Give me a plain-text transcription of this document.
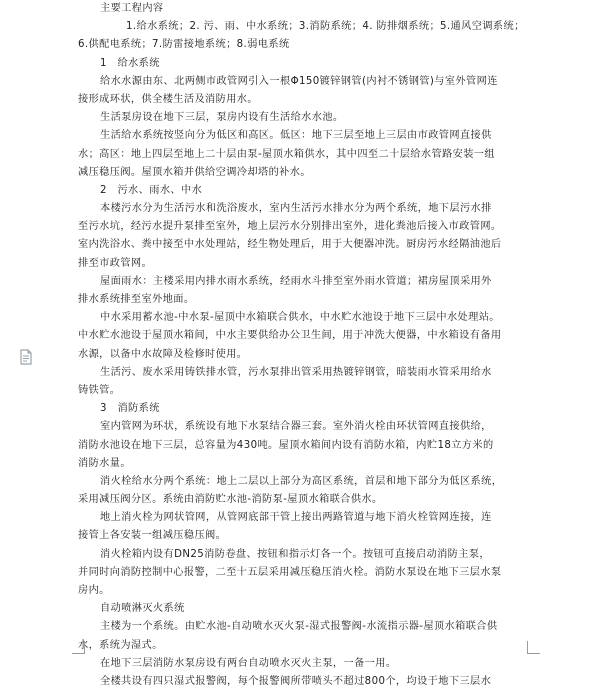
主要工程内容
1.给水系统；2. 污、雨、中水系统；3.消防系统；4. 防排烟系统；5.通风空调系统；
6.供配电系统；7.防雷接地系统；8.弱电系统
1　给水系统
给水水源由东、北两侧市政管网引入一根Φ150镀锌钢管(内衬不锈钢管)与室外管网连
接形成环状，供全楼生活及消防用水。
生活泵房设在地下三层，泵房内设有生活给水水池。
生活给水系统按竖向分为低区和高区。低区：地下三层至地上三层由市政管网直接供
水；高区：地上四层至地上二十层由泵-屋顶水箱供水，其中四至二十层给水管路安装一组
减压稳压阀。屋顶水箱并供给空调冷却塔的补水。
2　污水、雨水、中水
本楼污水分为生活污水和洗浴废水，室内生活污水排水分为两个系统，地下层污水排
至污水坑，经污水提升泵排至室外，地上层污水分别排出室外，进化粪池后接入市政管网。
室内洗浴水、粪中接至中水处理站，经生物处理后，用于大便器冲洗。厨房污水经隔油池后
排至市政管网。
屋面雨水：主楼采用内排水雨水系统，经雨水斗排至室外雨水管道；裙房屋顶采用外
排水系统排至室外地面。
中水采用蓄水池-中水泵-屋顶中水箱联合供水，中水贮水池设于地下三层中水处理站。
中水贮水池设于屋顶水箱间，中水主要供给办公卫生间，用于冲洗大便器，中水箱设有备用
水源，以备中水故障及检修时使用。
生活污、废水采用铸铁排水管，污水泵排出管采用热镀锌钢管，暗装雨水管采用给水
铸铁管。
3　消防系统
室内管网为环状，系统设有地下水泵结合器三套。室外消火栓由环状管网直接供给，
消防水池设在地下三层，总容量为430吨。屋顶水箱间内设有消防水箱，内贮18立方米的
消防水量。
消火栓给水分两个系统：地上二层以上部分为高区系统，首层和地下部分为低区系统，
采用减压阀分区。系统由消防贮水池-消防泵-屋顶水箱联合供水。
地上消火栓为网状管网，从管网底部干管上接出两路管道与地下消火栓管网连接，连
接管上各安装一组减压稳压阀。
消火栓箱内设有DN25消防卷盘、按钮和指示灯各一个。按钮可直接启动消防主泵，
并同时向消防控制中心报警，二至十五层采用减压稳压消火栓。消防水泵设在地下三层水泵
房内。
自动喷淋灭火系统
主楼为一个系统。由贮水池-自动喷水灭火泵-湿式报警阀-水流指示器-屋顶水箱联合供
水，系统为湿式。
在地下三层消防水泵房设有两台自动喷水灭火主泵，一备一用。
全楼共设有四只湿式报警阀，每个报警阀所带喷头不超过800个，均设于地下三层水
